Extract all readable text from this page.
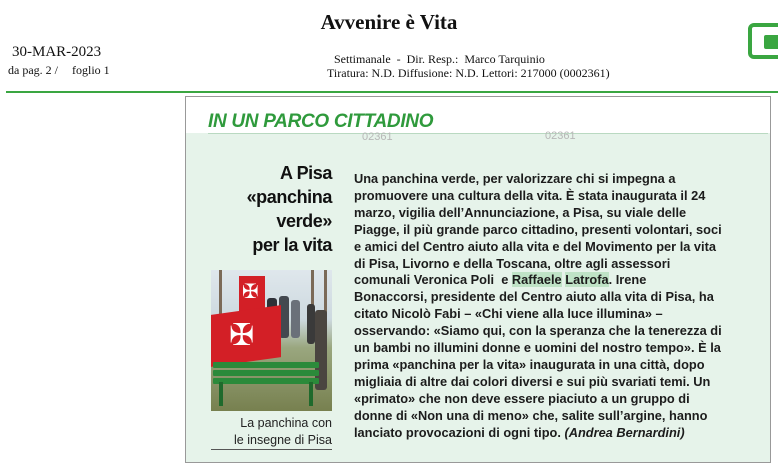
Avvenire è Vita
30-MAR-2023
da pag. 2 / foglio 1
Settimanale  -  Dir. Resp.:  Marco Tarquinio
Tiratura: N.D. Diffusione: N.D. Lettori: 217000 (0002361)
IN UN PARCO CITTADINO
02361	02361
A Pisa
«panchina
verde»
per la vita
✠
✠
La panchina con
le insegne di Pisa
Una panchina verde, per valorizzare chi si impegna a
promuovere una cultura della vita. È stata inaugurata il 24
marzo, vigilia dell’Annunciazione, a Pisa, su viale delle
Piagge, il più grande parco cittadino, presenti volontari, soci
e amici del Centro aiuto alla vita e del Movimento per la vita
di Pisa, Livorno e della Toscana, oltre agli assessori
comunali Veronica Poli  e Raffaele Latrofa. Irene
Bonaccorsi, presidente del Centro aiuto alla vita di Pisa, ha
citato Nicolò Fabi – «Chi viene alla luce illumina» –
osservando: «Siamo qui, con la speranza che la tenerezza di
un bambi no illumini donne e uomini del nostro tempo». È la
prima «panchina per la vita» inaugurata in una città, dopo
migliaia di altre dai colori diversi e sui più svariati temi. Un
«primato» che non deve essere piaciuto a un gruppo di
donne di «Non una di meno» che, salite sull’argine, hanno
lanciato provocazioni di ogni tipo. (Andrea Bernardini)
